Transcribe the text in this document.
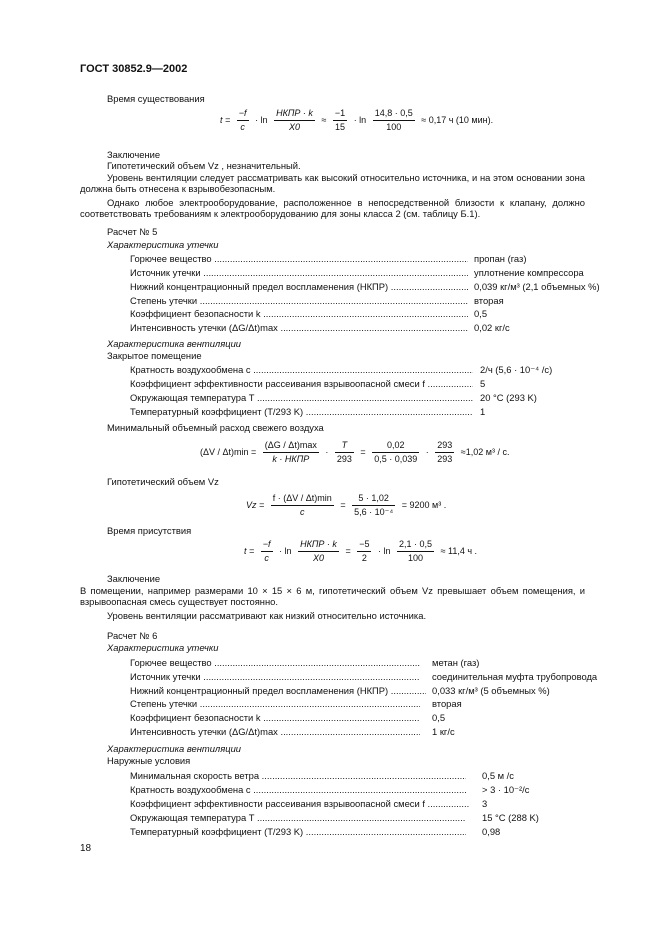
ГОСТ 30852.9—2002
Время существования
$t = \frac{-f}{c} \cdot \ln \frac{\text{НКПР · k}}{X0} \approx \frac{-1}{15} \cdot \ln \frac{14,8 \cdot 0,5}{100} \approx 0,17$ ч (10 мин).
Заключение
Гипотетический объем Vz , незначительный.
Уровень вентиляции следует рассматривать как высокий относительно источника, и на этом основании зона должна быть отнесена к взрывобезопасным.
Однако любое электрооборудование, расположенное в непосредственной близости к клапану, должно соответствовать требованиям к электрооборудованию для зоны класса 2 (см. таблицу Б.1).
Расчет № 5
Характеристика утечки
Горючее вещество .....	пропан (газ)
Источник утечки .....	уплотнение компрессора
Нижний концентрационный предел воспламенения (НКПР) .....	0,039 кг/м³ (2,1 объемных %)
Степень утечки .....	вторая
Коэффициент безопасности k .....	0,5
Интенсивность утечки (ΔG/Δt)max .....	0,02 кг/с
Характеристика вентиляции
Закрытое помещение
Кратность воздухообмена c .....	2/ч (5,6 · 10⁻⁴ /с)
Коэффициент эффективности рассеивания взрывоопасной смеси f .....	5
Окружающая температура T .....	20 °C (293 K)
Температурный коэффициент (T/293 K) .....	1
Минимальный объемный расход свежего воздуха
$(\Delta V / \Delta t)\min = \frac{(\Delta G / \Delta t)\max}{\text{k · НКПР}} \cdot \frac{T}{293} = \frac{0,02}{0,5 \cdot 0,039} \cdot \frac{293}{293} \approx 1,02$ м³ / с.
Гипотетический объем Vz
$Vz = \frac{f \cdot (\Delta V / \Delta t)\min}{c} = \frac{5 \cdot 1,02}{\text{5,6 · 10⁻⁴}} = 9200$ м³ .
Время присутствия
$t = \frac{-f}{c} \cdot \ln \frac{\text{НКПР · k}}{X0} = \frac{-5}{2} \cdot \ln \frac{2,1 \cdot 0,5}{100} \approx 11,4$ ч .
Заключение
В помещении, например размерами 10 × 15 × 6 м, гипотетический объем Vz превышает объем помещения, и взрывоопасная смесь существует постоянно.
Уровень вентиляции рассматривают как низкий относительно источника.
Расчет № 6
Характеристика утечки
Горючее вещество .....	метан (газ)
Источник утечки .....	соединительная муфта трубопровода
Нижний концентрационный предел воспламенения (НКПР) .....	0,033 кг/м³ (5 объемных %)
Степень утечки .....	вторая
Коэффициент безопасности k .....	0,5
Интенсивность утечки (ΔG/Δt)max .....	1 кг/с
Характеристика вентиляции
Наружные условия
Минимальная скорость ветра .....	0,5 м /с
Кратность воздухообмена c .....	> 3 · 10⁻²/с
Коэффициент эффективности рассеивания взрывоопасной смеси f .....	3
Окружающая температура T .....	15 °C (288 K)
Температурный коэффициент (T/293 K) .....	0,98
18
